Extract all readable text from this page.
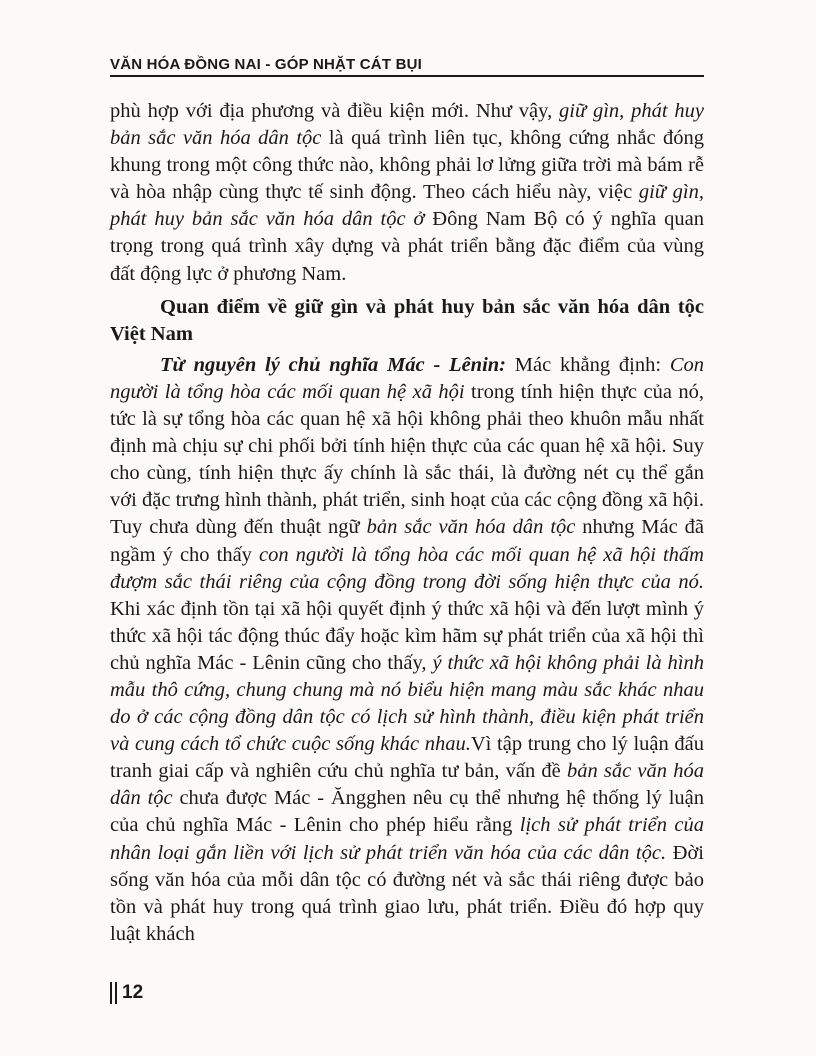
VĂN HÓA ĐỒNG NAI - GÓP NHẶT CÁT BỤI

phù hợp với địa phương và điều kiện mới. Như vậy, giữ gìn, phát huy bản sắc văn hóa dân tộc là quá trình liên tục, không cứng nhắc đóng khung trong một công thức nào, không phải lơ lửng giữa trời mà bám rễ và hòa nhập cùng thực tế sinh động. Theo cách hiểu này, việc giữ gìn, phát huy bản sắc văn hóa dân tộc ở Đông Nam Bộ có ý nghĩa quan trọng trong quá trình xây dựng và phát triển bằng đặc điểm của vùng đất động lực ở phương Nam.

Quan điểm về giữ gìn và phát huy bản sắc văn hóa dân tộc Việt Nam

Từ nguyên lý chủ nghĩa Mác - Lênin: Mác khẳng định: Con người là tổng hòa các mối quan hệ xã hội trong tính hiện thực của nó, tức là sự tổng hòa các quan hệ xã hội không phải theo khuôn mẫu nhất định mà chịu sự chi phối bởi tính hiện thực của các quan hệ xã hội. Suy cho cùng, tính hiện thực ấy chính là sắc thái, là đường nét cụ thể gắn với đặc trưng hình thành, phát triển, sinh hoạt của các cộng đồng xã hội. Tuy chưa dùng đến thuật ngữ bản sắc văn hóa dân tộc nhưng Mác đã ngầm ý cho thấy con người là tổng hòa các mối quan hệ xã hội thấm đượm sắc thái riêng của cộng đồng trong đời sống hiện thực của nó. Khi xác định tồn tại xã hội quyết định ý thức xã hội và đến lượt mình ý thức xã hội tác động thúc đẩy hoặc kìm hãm sự phát triển của xã hội thì chủ nghĩa Mác - Lênin cũng cho thấy, ý thức xã hội không phải là hình mẫu thô cứng, chung chung mà nó biểu hiện mang màu sắc khác nhau do ở các cộng đồng dân tộc có lịch sử hình thành, điều kiện phát triển và cung cách tổ chức cuộc sống khác nhau.Vì tập trung cho lý luận đấu tranh giai cấp và nghiên cứu chủ nghĩa tư bản, vấn đề bản sắc văn hóa dân tộc chưa được Mác - Ăngghen nêu cụ thể nhưng hệ thống lý luận của chủ nghĩa Mác - Lênin cho phép hiểu rằng lịch sử phát triển của nhân loại gắn liền với lịch sử phát triển văn hóa của các dân tộc. Đời sống văn hóa của mỗi dân tộc có đường nét và sắc thái riêng được bảo tồn và phát huy trong quá trình giao lưu, phát triển. Điều đó hợp quy luật khách

12
